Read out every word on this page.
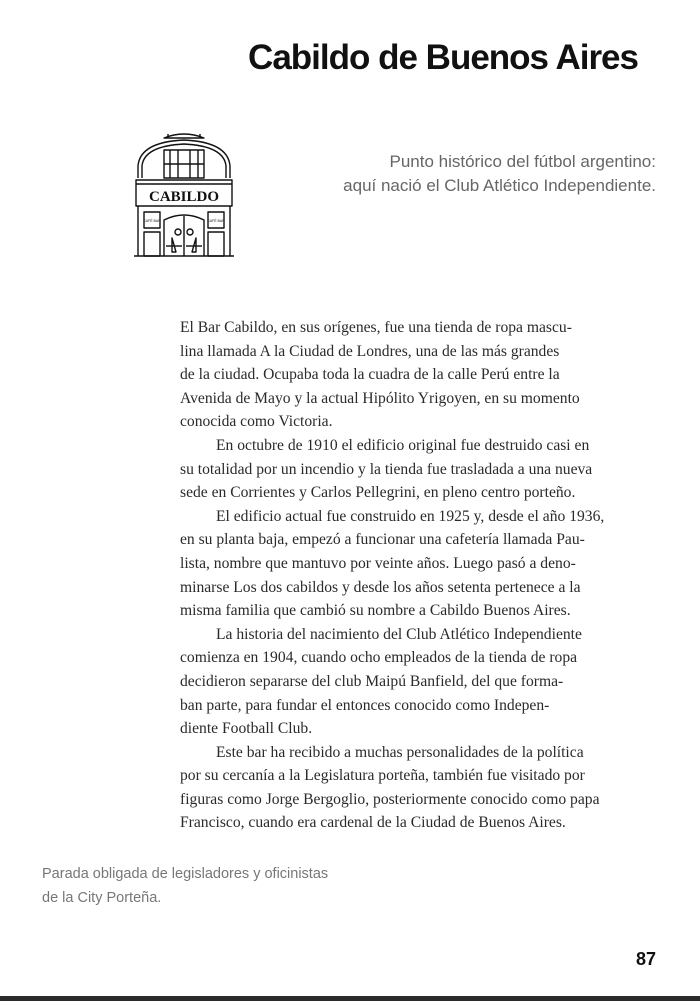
Cabildo de Buenos Aires
CABILDO
CAFÉ BAR	CAFÉ BAR
Punto histórico del fútbol argentino:
aquí nació el Club Atlético Independiente.

El Bar Cabildo, en sus orígenes, fue una tienda de ropa mascu-
lina llamada A la Ciudad de Londres, una de las más grandes
de la ciudad. Ocupaba toda la cuadra de la calle Perú entre la
Avenida de Mayo y la actual Hipólito Yrigoyen, en su momento
conocida como Victoria.

En octubre de 1910 el edificio original fue destruido casi en
su totalidad por un incendio y la tienda fue trasladada a una nueva
sede en Corrientes y Carlos Pellegrini, en pleno centro porteño.

El edificio actual fue construido en 1925 y, desde el año 1936,
en su planta baja, empezó a funcionar una cafetería llamada Pau-
lista, nombre que mantuvo por veinte años. Luego pasó a deno-
minarse Los dos cabildos y desde los años setenta pertenece a la
misma familia que cambió su nombre a Cabildo Buenos Aires.

La historia del nacimiento del Club Atlético Independiente
comienza en 1904, cuando ocho empleados de la tienda de ropa
decidieron separarse del club Maipú Banfield, del que forma-
ban parte, para fundar el entonces conocido como Indepen-
diente Football Club.

Este bar ha recibido a muchas personalidades de la política
por su cercanía a la Legislatura porteña, también fue visitado por
figuras como Jorge Bergoglio, posteriormente conocido como papa
Francisco, cuando era cardenal de la Ciudad de Buenos Aires.

Parada obligada de legisladores y oficinistas
de la City Porteña.
87
